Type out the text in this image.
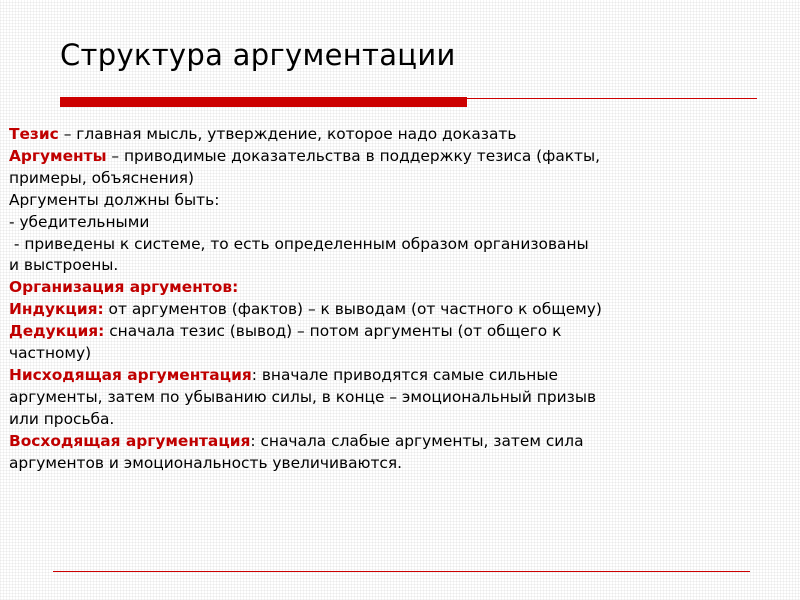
Структура аргументации
Тезис – главная мысль, утверждение, которое надо доказать
Аргументы – приводимые доказательства в поддержку тезиса (факты,
примеры, объяснения)
Аргументы должны быть:
- убедительными
- приведены к системе, то есть определенным образом организованы
и выстроены.
Организация аргументов:
Индукция: от аргументов (фактов) – к выводам (от частного к общему)
Дедукция: сначала тезис (вывод) – потом аргументы (от общего к
частному)
Нисходящая аргументация: вначале приводятся самые сильные
аргументы, затем по убыванию силы, в конце – эмоциональный призыв
или просьба.
Восходящая аргументация: сначала слабые аргументы, затем сила
аргументов и эмоциональность увеличиваются.
